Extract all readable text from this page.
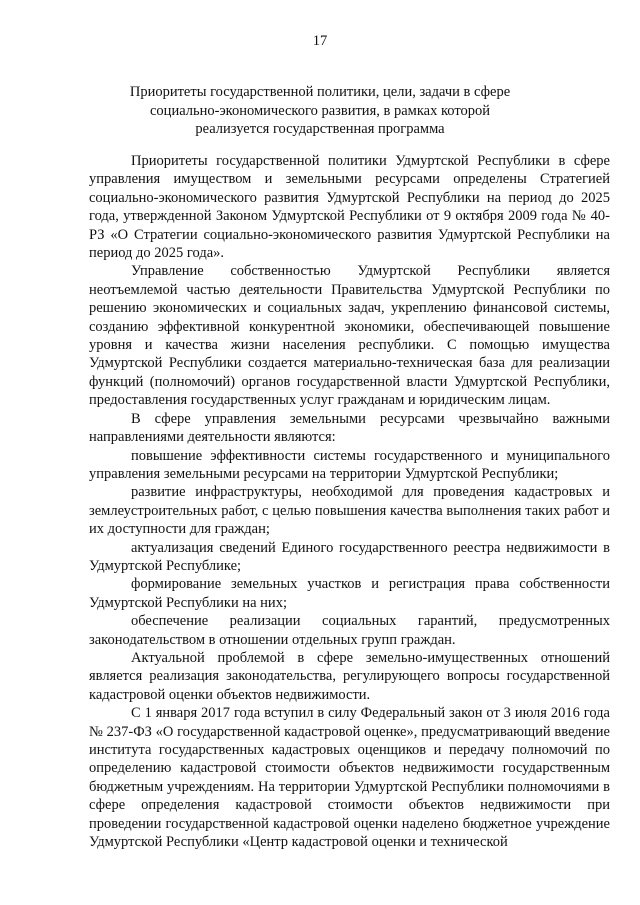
17
Приоритеты государственной политики, цели, задачи в сфере социально-экономического развития, в рамках которой реализуется государственная программа

Приоритеты государственной политики Удмуртской Республики в сфере управления имуществом и земельными ресурсами определены Стратегией социально-экономического развития Удмуртской Республики на период до 2025 года, утвержденной Законом Удмуртской Республики от 9 октября 2009 года № 40-РЗ «О Стратегии социально-экономического развития Удмуртской Республики на период до 2025 года».

Управление собственностью Удмуртской Республики является неотъемлемой частью деятельности Правительства Удмуртской Республики по решению экономических и социальных задач, укреплению финансовой системы, созданию эффективной конкурентной экономики, обеспечивающей повышение уровня и качества жизни населения республики. С помощью имущества Удмуртской Республики создается материально-техническая база для реализации функций (полномочий) органов государственной власти Удмуртской Республики, предоставления государственных услуг гражданам и юридическим лицам.

В сфере управления земельными ресурсами чрезвычайно важными направлениями деятельности являются:

повышение эффективности системы государственного и муниципального управления земельными ресурсами на территории Удмуртской Республики;

развитие инфраструктуры, необходимой для проведения кадастровых и землеустроительных работ, с целью повышения качества выполнения таких работ и их доступности для граждан;

актуализация сведений Единого государственного реестра недвижимости в Удмуртской Республике;

формирование земельных участков и регистрация права собственности Удмуртской Республики на них;

обеспечение реализации социальных гарантий, предусмотренных законодательством в отношении отдельных групп граждан.

Актуальной проблемой в сфере земельно-имущественных отношений является реализация законодательства, регулирующего вопросы государственной кадастровой оценки объектов недвижимости.

С 1 января 2017 года вступил в силу Федеральный закон от 3 июля 2016 года № 237-ФЗ «О государственной кадастровой оценке», предусматривающий введение института государственных кадастровых оценщиков и передачу полномочий по определению кадастровой стоимости объектов недвижимости государственным бюджетным учреждениям. На территории Удмуртской Республики полномочиями в сфере определения кадастровой стоимости объектов недвижимости при проведении государственной кадастровой оценки наделено бюджетное учреждение Удмуртской Республики «Центр кадастровой оценки и технической
